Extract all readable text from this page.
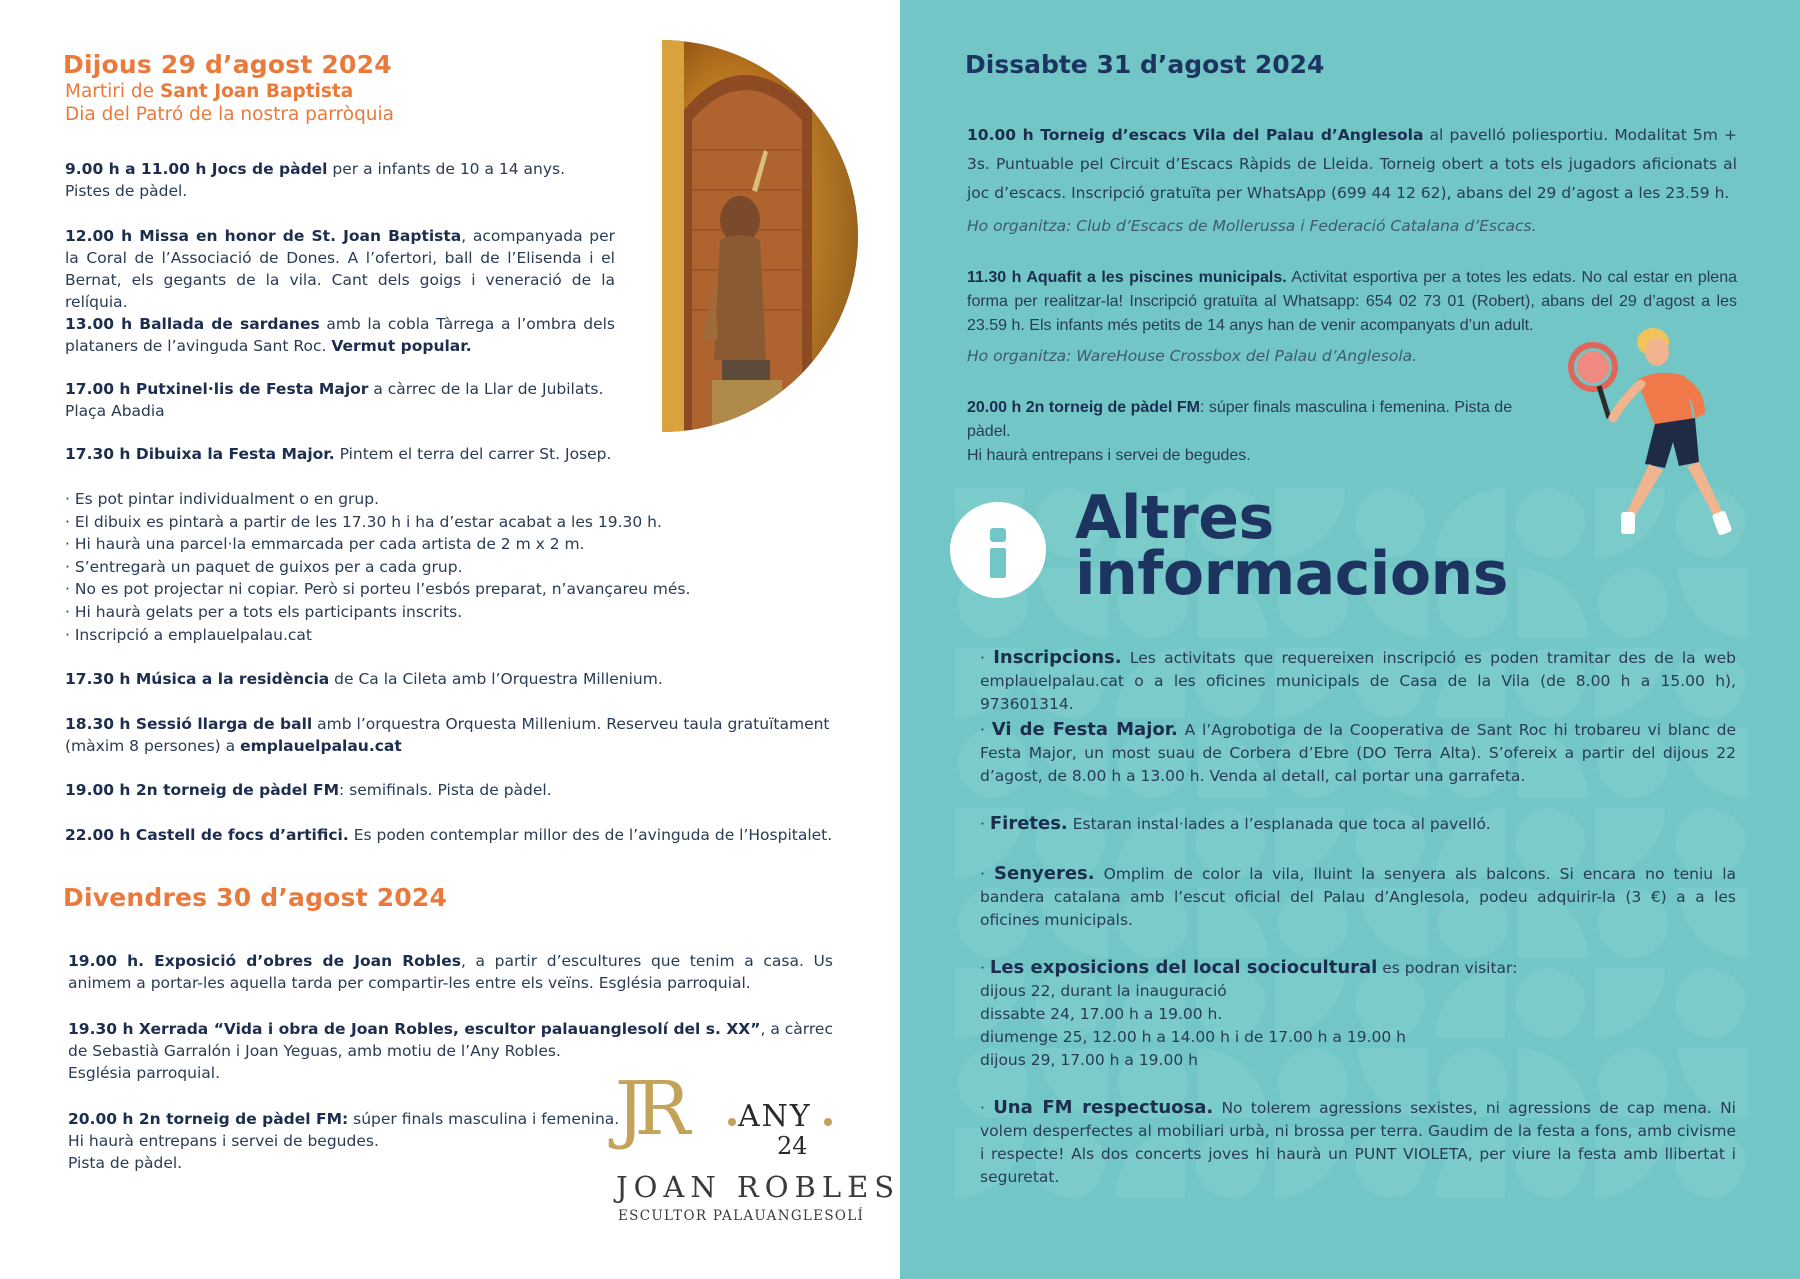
Dijous 29 d’agost 2024
Martiri de Sant Joan Baptista
Dia del Patró de la nostra parròquia

9.00 h a 11.00 h Jocs de pàdel per a infants de 10 a 14 anys.
Pistes de pàdel.

12.00 h Missa en honor de St. Joan Baptista, acompanyada per la Coral de l’Associació de Dones. A l’ofertori, ball de l’Elisenda i el Bernat, els gegants de la vila. Cant dels goigs i veneració de la relíquia.

13.00 h Ballada de sardanes amb la cobla Tàrrega a l’ombra dels plataners de l’avinguda Sant Roc. Vermut popular.

17.00 h Putxinel·lis de Festa Major a càrrec de la Llar de Jubilats.
Plaça Abadia

17.30 h Dibuixa la Festa Major. Pintem el terra del carrer St. Josep.

· Es pot pintar individualment o en grup.
· El dibuix es pintarà a partir de les 17.30 h i ha d’estar acabat a les 19.30 h.
· Hi haurà una parcel·la emmarcada per cada artista de 2 m x 2 m.
· S’entregarà un paquet de guixos per a cada grup.
· No es pot projectar ni copiar. Però si porteu l’esbós preparat, n’avançareu més.
· Hi haurà gelats per a tots els participants inscrits.
· Inscripció a emplauelpalau.cat

17.30 h Música a la residència de Ca la Cileta amb l’Orquestra Millenium.

18.30 h Sessió llarga de ball amb l’orquestra Orquesta Millenium. Reserveu taula gratuïtament (màxim 8 persones) a emplauelpalau.cat

19.00 h 2n torneig de pàdel FM: semifinals. Pista de pàdel.

22.00 h Castell de focs d’artifici. Es poden contemplar millor des de l’avinguda de l’Hospitalet.

Divendres 30 d’agost 2024

19.00 h. Exposició d’obres de Joan Robles, a partir d’escultures que tenim a casa. Us animem a portar-les aquella tarda per compartir-les entre els veïns. Església parroquial.

19.30 h Xerrada “Vida i obra de Joan Robles, escultor palauanglesolí del s. XX”, a càrrec de Sebastià Garralón i Joan Yeguas, amb motiu de l’Any Robles.
Església parroquial.

20.00 h 2n torneig de pàdel FM: súper finals masculina i femenina.
Hi haurà entrepans i servei de begudes.
Pista de pàdel.

JR ANY
24
JOAN ROBLES
ESCULTOR PALAUANGLESOLÍ
Dissabte 31 d’agost 2024

10.00 h Torneig d’escacs Vila del Palau d’Anglesola al pavelló poliesportiu. Modalitat 5m + 3s. Puntuable pel Circuit d’Escacs Ràpids de Lleida. Torneig obert a tots els jugadors aficionats al joc d’escacs. Inscripció gratuïta per WhatsApp (699 44 12 62), abans del 29 d’agost a les 23.59 h.

Ho organitza: Club d’Escacs de Mollerussa i Federació Catalana d’Escacs.

11.30 h Aquafit a les piscines municipals. Activitat esportiva per a totes les edats. No cal estar en plena forma per realitzar-la! Inscripció gratuïta al Whatsapp: 654 02 73 01 (Robert), abans del 29 d’agost a les 23.59 h. Els infants més petits de 14 anys han de venir acompanyats d’un adult.

Ho organitza: WareHouse Crossbox del Palau d’Anglesola.

20.00 h 2n torneig de pàdel FM: súper finals masculina i femenina. Pista de pàdel.
Hi haurà entrepans i servei de begudes.

Altres
informacions

· Inscripcions. Les activitats que requereixen inscripció es poden tramitar des de la web emplauelpalau.cat o a les oficines municipals de Casa de la Vila (de 8.00 h a 15.00 h), 973601314.

· Vi de Festa Major. A l’Agrobotiga de la Cooperativa de Sant Roc hi trobareu vi blanc de Festa Major, un most suau de Corbera d’Ebre (DO Terra Alta). S’ofereix a partir del dijous 22 d’agost, de 8.00 h a 13.00 h. Venda al detall, cal portar una garrafeta.

· Firetes. Estaran instal·lades a l’esplanada que toca al pavelló.

· Senyeres. Omplim de color la vila, lluint la senyera als balcons. Si encara no teniu la bandera catalana amb l’escut oficial del Palau d’Anglesola, podeu adquirir-la (3 €) a a les oficines municipals.

· Les exposicions del local sociocultural es podran visitar:
dijous 22, durant la inauguració
dissabte 24, 17.00 h a 19.00 h.
diumenge 25, 12.00 h a 14.00 h i de 17.00 h a 19.00 h
dijous 29, 17.00 h a 19.00 h

· Una FM respectuosa. No tolerem agressions sexistes, ni agressions de cap mena. Ni volem desperfectes al mobiliari urbà, ni brossa per terra. Gaudim de la festa a fons, amb civisme i respecte! Als dos concerts joves hi haurà un PUNT VIOLETA, per viure la festa amb llibertat i seguretat.
